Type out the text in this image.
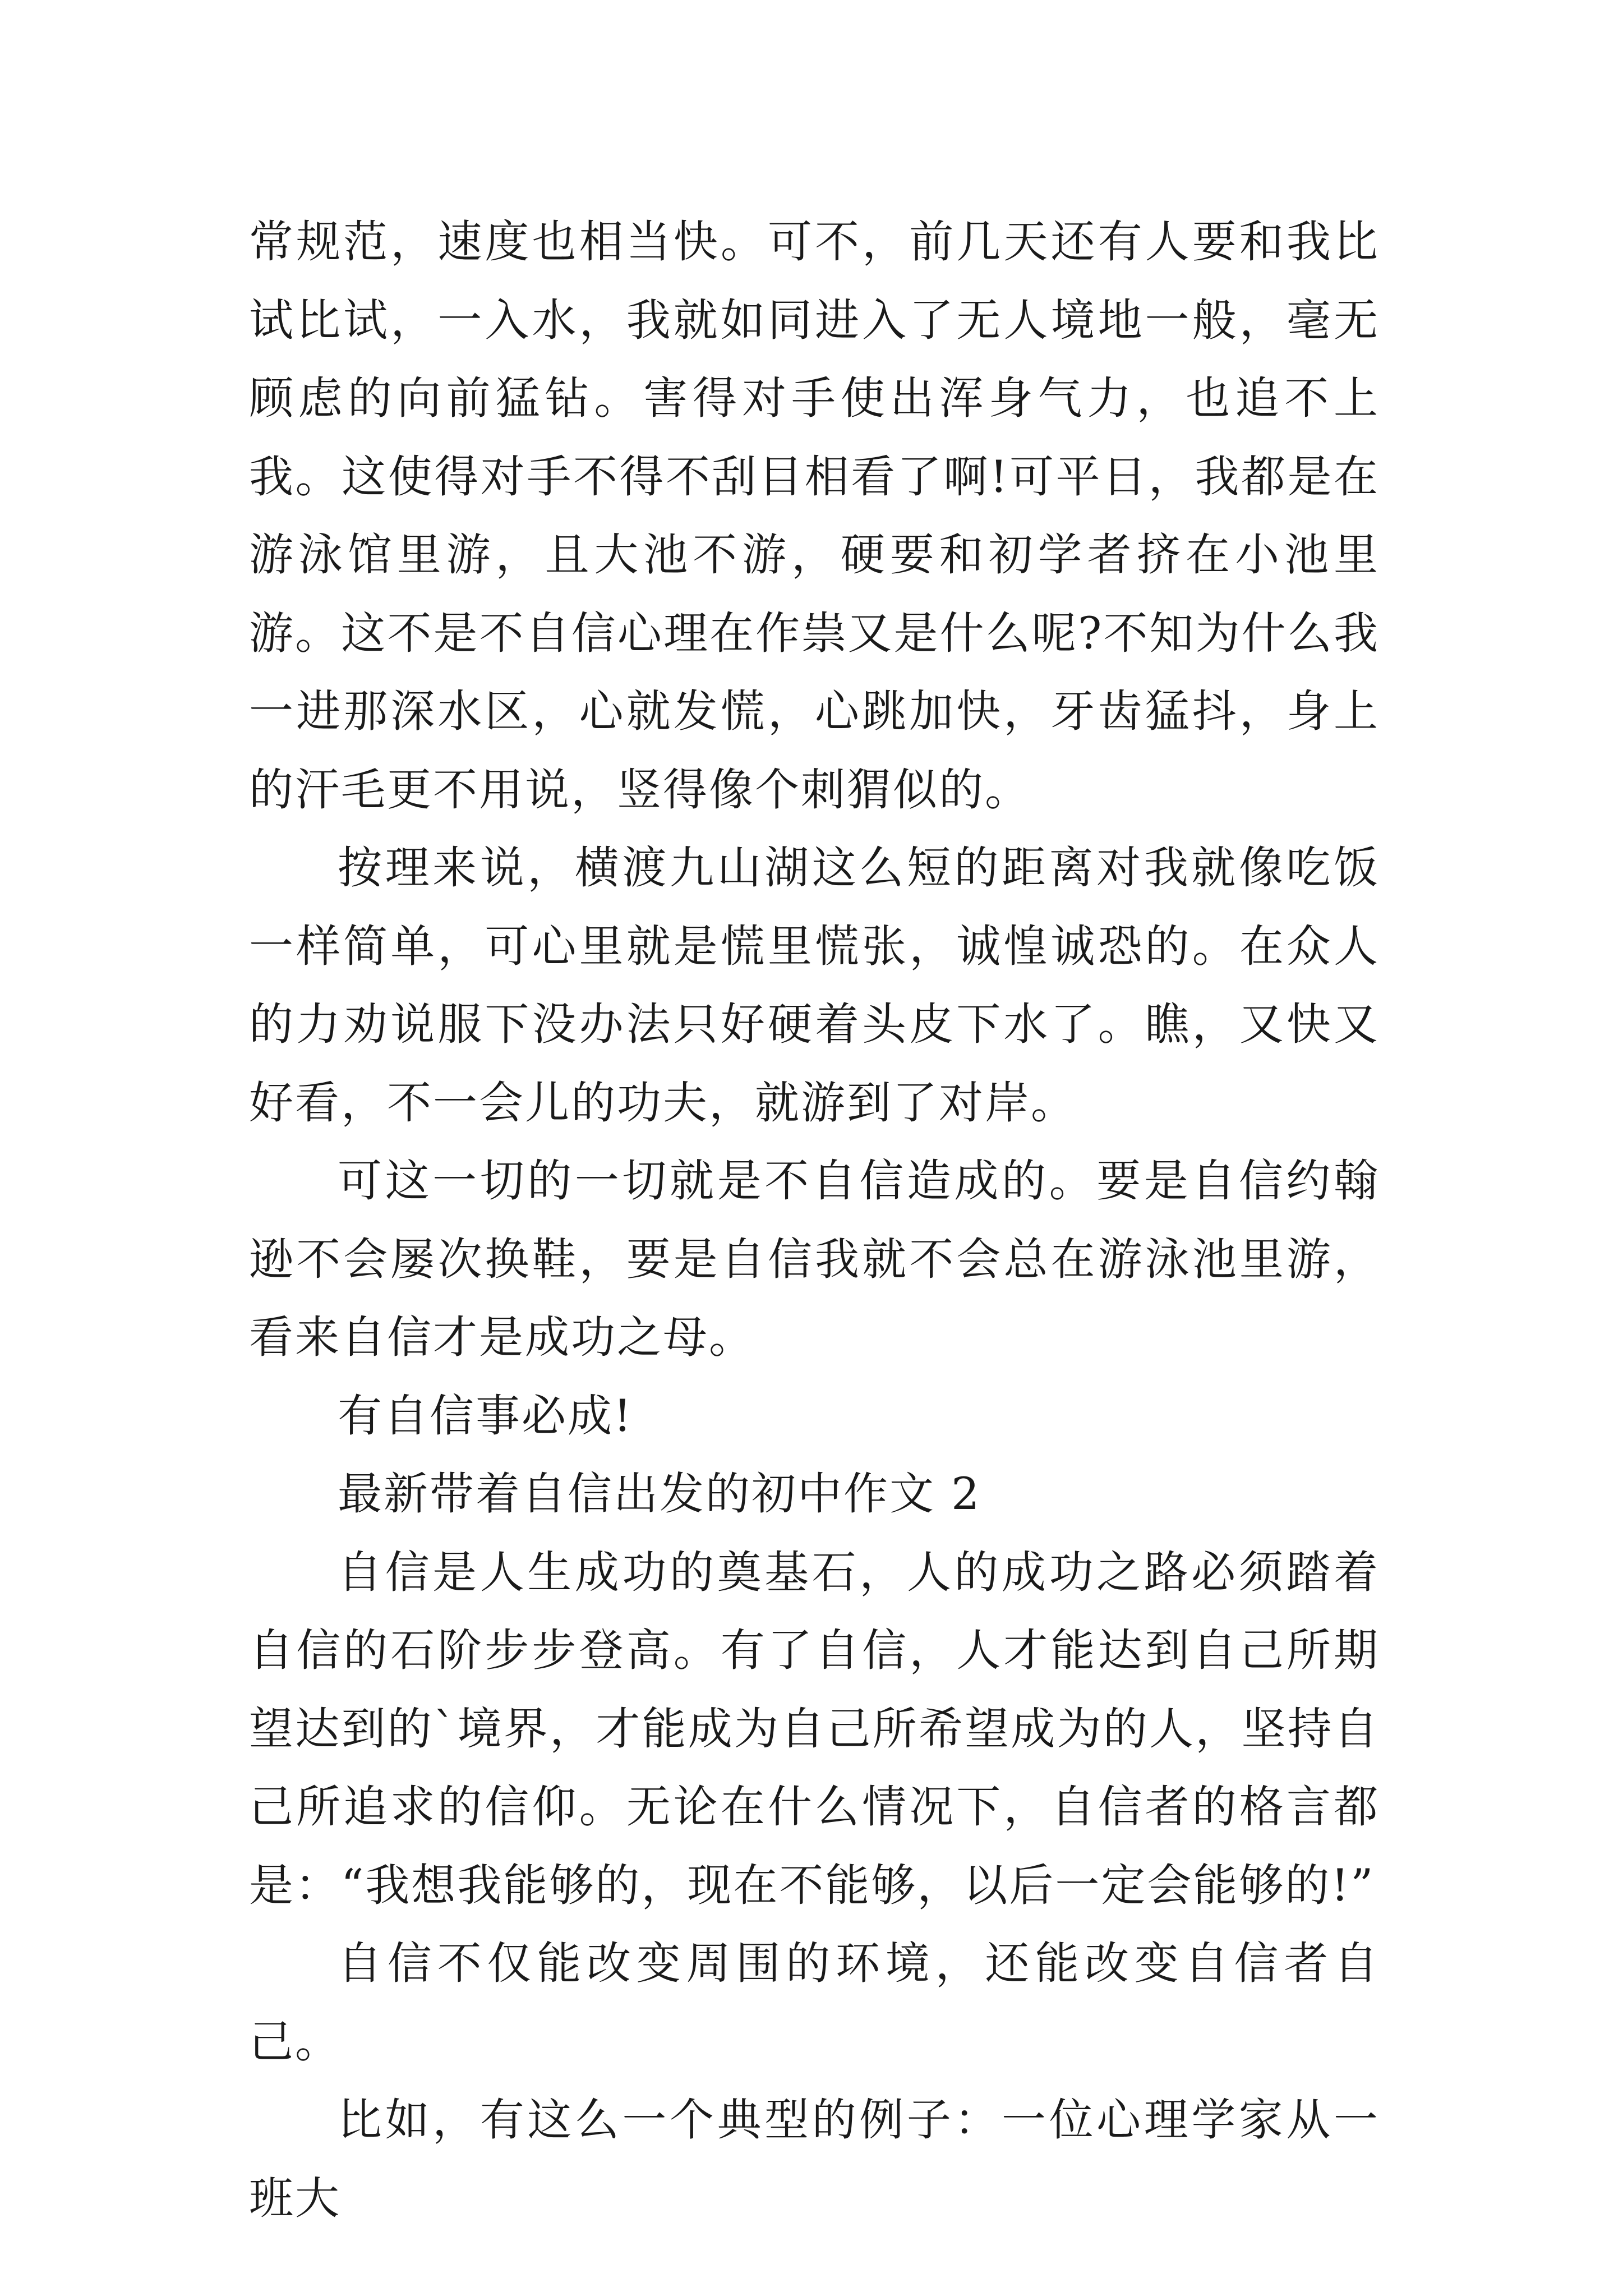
常规范，速度也相当快。可不，前几天还有人要和我比试比试，一入水，我就如同进入了无人境地一般，毫无顾虑的向前猛钻。害得对手使出浑身气力，也追不上我。这使得对手不得不刮目相看了啊!可平日，我都是在游泳馆里游，且大池不游，硬要和初学者挤在小池里游。这不是不自信心理在作祟又是什么呢?不知为什么我一进那深水区，心就发慌，心跳加快，牙齿猛抖，身上的汗毛更不用说，竖得像个刺猬似的。

按理来说，横渡九山湖这么短的距离对我就像吃饭一样简单，可心里就是慌里慌张，诚惶诚恐的。在众人的力劝说服下没办法只好硬着头皮下水了。瞧，又快又好看，不一会儿的功夫，就游到了对岸。

可这一切的一切就是不自信造成的。要是自信约翰逊不会屡次换鞋，要是自信我就不会总在游泳池里游，看来自信才是成功之母。

有自信事必成!

最新带着自信出发的初中作文 2

自信是人生成功的奠基石，人的成功之路必须踏着自信的石阶步步登高。有了自信，人才能达到自己所期望达到的`境界，才能成为自己所希望成为的人，坚持自己所追求的信仰。无论在什么情况下，自信者的格言都是：“我想我能够的，现在不能够，以后一定会能够的!”

自信不仅能改变周围的环境，还能改变自信者自己。

比如，有这么一个典型的例子：一位心理学家从一班大
